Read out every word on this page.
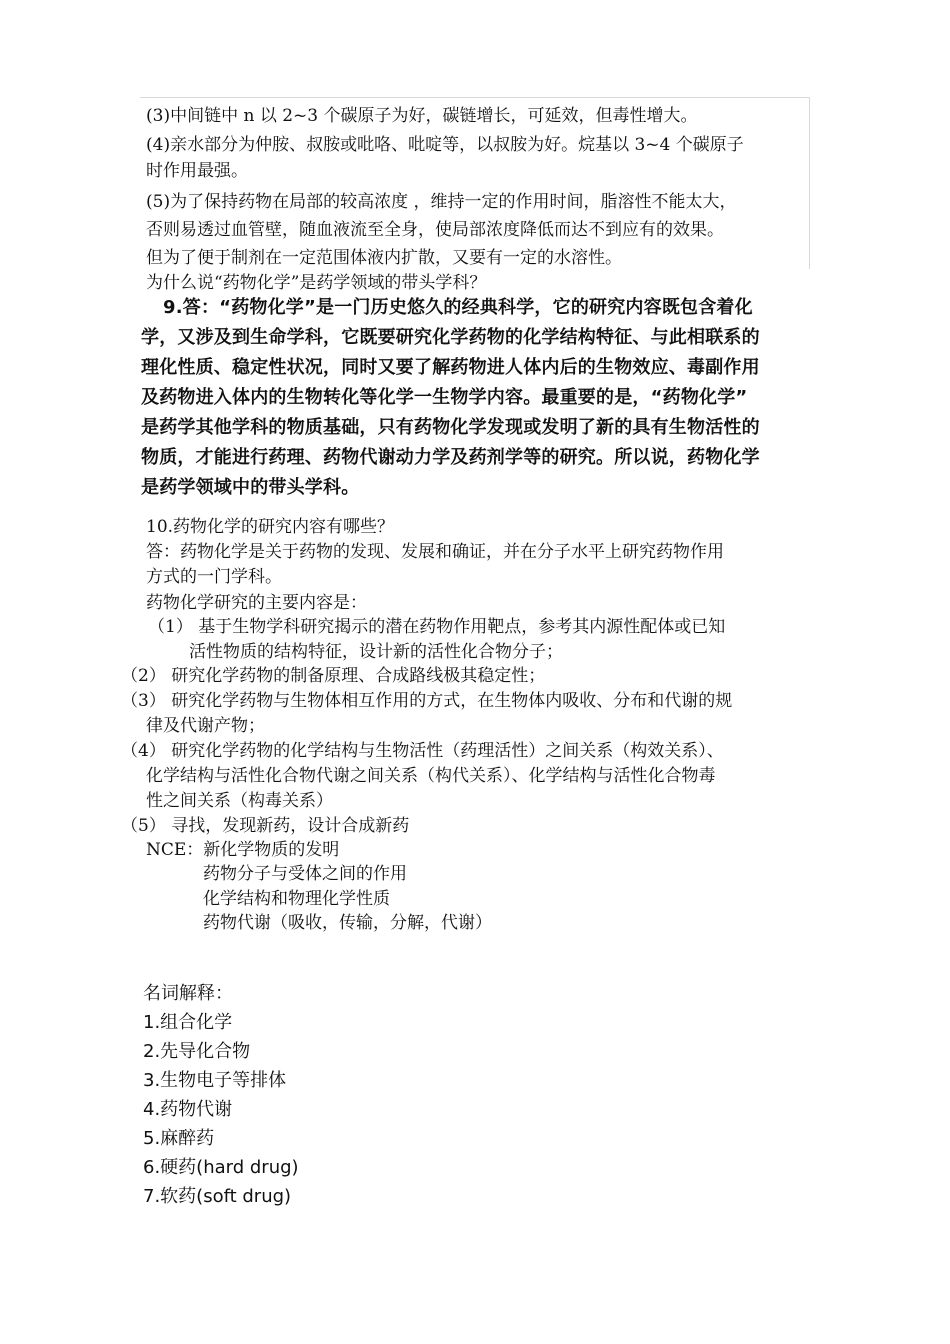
(3)中间链中 n 以 2~3 个碳原子为好，碳链增长，可延效，但毒性增大。
(4)亲水部分为仲胺、叔胺或吡咯、吡啶等，以叔胺为好。烷基以 3~4 个碳原子
时作用最强。
(5)为了保持药物在局部的较高浓度 ，维持一定的作用时间，脂溶性不能太大，
否则易透过血管壁，随血液流至全身，使局部浓度降低而达不到应有的效果。
但为了便于制剂在一定范围体液内扩散，又要有一定的水溶性。
为什么说“药物化学”是药学领域的带头学科？
9.答：“药物化学”是一门历史悠久的经典科学，它的研究内容既包含着化
学，又涉及到生命学科，它既要研究化学药物的化学结构特征、与此相联系的
理化性质、稳定性状况，同时又要了解药物进人体内后的生物效应、毒副作用
及药物进入体内的生物转化等化学一生物学内容。最重要的是，“药物化学”
是药学其他学科的物质基础，只有药物化学发现或发明了新的具有生物活性的
物质，才能进行药理、药物代谢动力学及药剂学等的研究。所以说，药物化学
是药学领域中的带头学科。
10.药物化学的研究内容有哪些？
答：药物化学是关于药物的发现、发展和确证，并在分子水平上研究药物作用
方式的一门学科。
药物化学研究的主要内容是：
（1） 基于生物学科研究揭示的潜在药物作用靶点，参考其内源性配体或已知
活性物质的结构特征，设计新的活性化合物分子；
（2） 研究化学药物的制备原理、合成路线极其稳定性；
（3） 研究化学药物与生物体相互作用的方式，在生物体内吸收、分布和代谢的规
律及代谢产物；
（4） 研究化学药物的化学结构与生物活性（药理活性）之间关系（构效关系）、
化学结构与活性化合物代谢之间关系（构代关系）、化学结构与活性化合物毒
性之间关系（构毒关系）
（5） 寻找，发现新药，设计合成新药
NCE：新化学物质的发明
药物分子与受体之间的作用
化学结构和物理化学性质
药物代谢（吸收，传输，分解，代谢）
名词解释：
1.组合化学
2.先导化合物
3.生物电子等排体
4.药物代谢
5.麻醉药
6.硬药(hard drug)
7.软药(soft drug)
